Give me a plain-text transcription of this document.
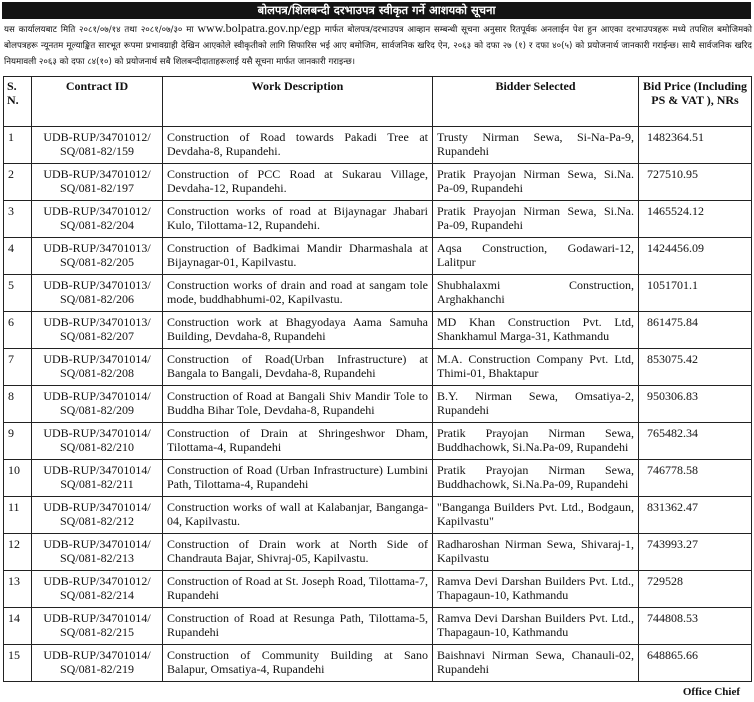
बोलपत्र/शिलबन्दी दरभाउपत्र स्वीकृत गर्ने आशयको सूचना
यस कार्यालयबाट मिति २०८१/०७/१४ तथा २०८१/०७/३० मा www.bolpatra.gov.np/egp मार्फत बोलपत्र/दरभाउपत्र आव्हान सम्बन्धी सूचना अनुसार रितपूर्वक अनलाईन पेश हुन आएका दरभाउपत्रहरू मध्ये तपशिल बमोजिमको बोलपत्रहरू न्यूनतम मूल्याङ्कित सारभूत रूपमा प्रभावग्राही देखिन आएकोले स्वीकृतीको लागि सिफारिस भई आए बमोजिम, सार्वजनिक खरिद ऐन, २०६३ को दफा २७ (१) र दफा ४०(५) को प्रयोजनार्थ जानकारी गराईन्छ। साथै सार्वजनिक खरिद नियमावली २०६३ को दफा ८४(१०) को प्रयोजनार्थ सबै शिलबन्दीदाताहरूलाई यसै सूचना मार्फत जानकारी गराइन्छ।
S. N.	Contract ID	Work Description	Bidder Selected	Bid Price (Including PS & VAT ), NRs
1	UDB-RUP/34701012/ SQ/081-82/159	Construction of Road towards Pakadi Tree at Devdaha-8, Rupandehi.	Trusty Nirman Sewa, Si-Na-Pa-9, Rupandehi	1482364.51
2	UDB-RUP/34701012/ SQ/081-82/197	Construction of PCC Road at Sukarau Village, Devdaha-12, Rupandehi.	Pratik Prayojan Nirman Sewa, Si.Na. Pa-09, Rupandehi	727510.95
3	UDB-RUP/34701012/ SQ/081-82/204	Construction works of road at Bijaynagar Jhabari Kulo, Tilottama-12, Rupandehi.	Pratik Prayojan Nirman Sewa, Si.Na. Pa-09, Rupandehi	1465524.12
4	UDB-RUP/34701013/ SQ/081-82/205	Construction of Badkimai Mandir Dharmashala at Bijaynagar-01, Kapilvastu.	Aqsa Construction, Godawari-12, Lalitpur	1424456.09
5	UDB-RUP/34701013/ SQ/081-82/206	Construction works of drain and road at sangam tole mode, buddhabhumi-02, Kapilvastu.	Shubhalaxmi Construction, Arghakhanchi	1051701.1
6	UDB-RUP/34701013/ SQ/081-82/207	Construction work at Bhagyodaya Aama Samuha Building, Devdaha-8, Rupandehi	MD Khan Construction Pvt. Ltd, Shankhamul Marga-31, Kathmandu	861475.84
7	UDB-RUP/34701014/ SQ/081-82/208	Construction of Road(Urban Infrastructure) at Bangala to Bangali, Devdaha-8, Rupandehi	M.A. Construction Company Pvt. Ltd, Thimi-01, Bhaktapur	853075.42
8	UDB-RUP/34701014/ SQ/081-82/209	Construction of Road at Bangali Shiv Mandir Tole to Buddha Bihar Tole, Devdaha-8, Rupandehi	B.Y. Nirman Sewa, Omsatiya-2, Rupandehi	950306.83
9	UDB-RUP/34701014/ SQ/081-82/210	Construction of Drain at Shringeshwor Dham, Tilottama-4, Rupandehi	Pratik Prayojan Nirman Sewa, Buddhachowk, Si.Na.Pa-09, Rupandehi	765482.34
10	UDB-RUP/34701014/ SQ/081-82/211	Construction of Road (Urban Infrastructure) Lumbini Path, Tilottama-4, Rupandehi	Pratik Prayojan Nirman Sewa, Buddhachowk, Si.Na.Pa-09, Rupandehi	746778.58
11	UDB-RUP/34701014/ SQ/081-82/212	Construction works of wall at Kalabanjar, Banganga-04, Kapilvastu.	"Banganga Builders Pvt. Ltd., Bodgaun, Kapilvastu"	831362.47
12	UDB-RUP/34701014/ SQ/081-82/213	Construction of Drain work at North Side of Chandrauta Bajar, Shivraj-05, Kapilvastu.	Radharoshan Nirman Sewa, Shivaraj-1, Kapilvastu	743993.27
13	UDB-RUP/34701012/ SQ/081-82/214	Construction of Road at St. Joseph Road, Tilottama-7, Rupandehi	Ramva Devi Darshan Builders Pvt. Ltd., Thapagaun-10, Kathmandu	729528
14	UDB-RUP/34701014/ SQ/081-82/215	Construction of Road at Resunga Path, Tilottama-5, Rupandehi	Ramva Devi Darshan Builders Pvt. Ltd., Thapagaun-10, Kathmandu	744808.53
15	UDB-RUP/34701014/ SQ/081-82/219	Construction of Community Building at Sano Balapur, Omsatiya-4, Rupandehi	Baishnavi Nirman Sewa, Chanauli-02, Rupandehi	648865.66
Office Chief
